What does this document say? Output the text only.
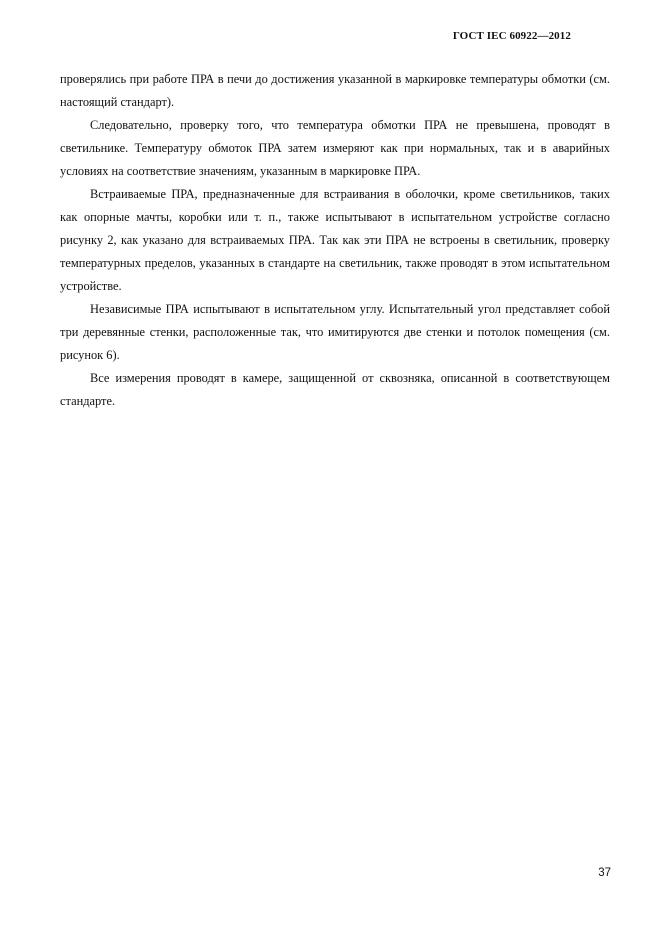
ГОСТ IEC 60922—2012

проверялись при работе ПРА в печи до достижения указанной в маркировке температуры обмотки (см. настоящий стандарт).

Следовательно, проверку того, что температура обмотки ПРА не превышена, проводят в светильнике. Температуру обмоток ПРА затем измеряют как при нормальных, так и в аварийных условиях на соответствие значениям, указанным в маркировке ПРА.

Встраиваемые ПРА, предназначенные для встраивания в оболочки, кроме светильников, таких как опорные мачты, коробки или т. п., также испытывают в испытательном устройстве согласно рисунку 2, как указано для встраиваемых ПРА. Так как эти ПРА не встроены в светильник, проверку температурных пределов, указанных в стандарте на светильник, также проводят в этом испытательном устройстве.

Независимые ПРА испытывают в испытательном углу. Испытательный угол представляет собой три деревянные стенки, расположенные так, что имитируются две стенки и потолок помещения (см. рисунок 6).

Все измерения проводят в камере, защищенной от сквозняка, описанной в соответствующем стандарте.

37
